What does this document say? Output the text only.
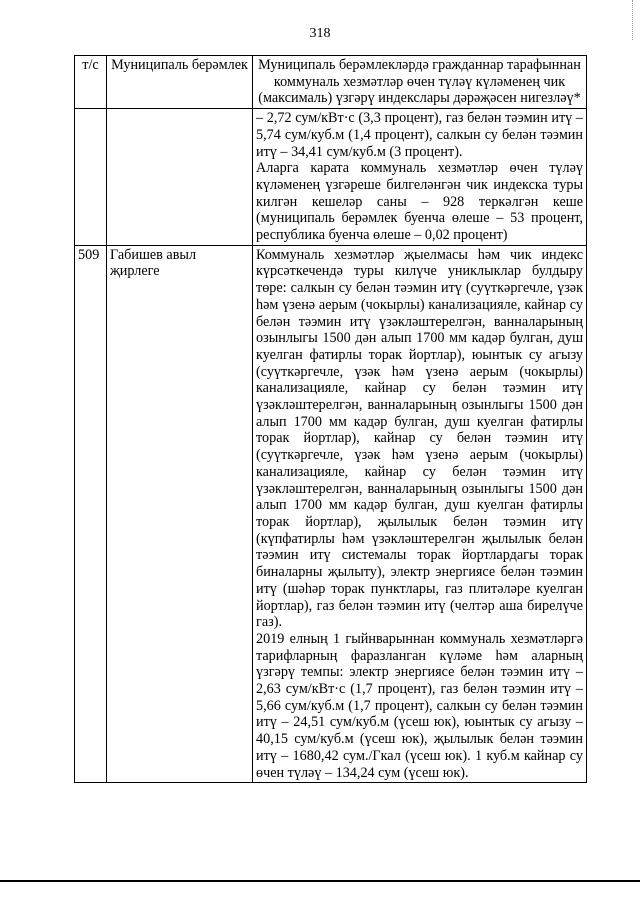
318
т/с	Муниципаль берәмлек	Муниципаль берәмлекләрдә гражданнар тарафыннан коммуналь хезмәтләр өчен түләү күләменең чик (максималь) үзгәрү индекслары дәрәҗәсен нигезләү*

		– 2,72 сум/кВт·с (3,3 процент), газ белән тәэмин итү – 5,74 сум/куб.м (1,4 процент), салкын су белән тәэмин итү – 34,41 сум/куб.м (3 процент).

Аларга карата коммуналь хезмәтләр өчен түләү күләменең үзгәреше билгеләнгән чик индекска туры килгән кешеләр саны – 928 теркәлгән кеше (муниципаль берәмлек буенча өлеше – 53 процент, республика буенча өлеше – 0,02 процент)

509	Габишев авыл җирлеге	Коммуналь хезмәтләр җыелмасы һәм чик индекс күрсәткечендә туры килүче униклыклар булдыру төре: салкын су белән тәэмин итү (суүткәргечле, үзәк һәм үзенә аерым (чокырлы) канализацияле, кайнар су белән тәэмин итү үзәкләштерелгән, ванналарының озынлыгы 1500 дән алып 1700 мм кадәр булган, душ куелган фатирлы торак йортлар), юынтык су агызу (суүткәргечле, үзәк һәм үзенә аерым (чокырлы) канализацияле, кайнар су белән тәэмин итү үзәкләштерелгән, ванналарының озынлыгы 1500 дән алып 1700 мм кадәр булган, душ куелган фатирлы торак йортлар), кайнар су белән тәэмин итү (суүткәргечле, үзәк һәм үзенә аерым (чокырлы) канализацияле, кайнар су белән тәэмин итү үзәкләштерелгән, ванналарының озынлыгы 1500 дән алып 1700 мм кадәр булган, душ куелган фатирлы торак йортлар), җылылык белән тәэмин итү (күпфатирлы һәм үзәкләштерелгән җылылык белән тәэмин итү системалы торак йортлардагы торак биналарны җылыту), электр энергиясе белән тәэмин итү (шәһәр торак пунктлары, газ плитәләре куелган йортлар), газ белән тәэмин итү (челтәр аша бирелүче газ).

2019 елның 1 гыйнварыннан коммуналь хезмәтләргә тарифларның фаразланган күләме һәм аларның үзгәрү темпы: электр энергиясе белән тәэмин итү – 2,63 сум/кВт·с (1,7 процент), газ белән тәэмин итү – 5,66 сум/куб.м (1,7 процент), салкын су белән тәэмин итү – 24,51 сум/куб.м (үсеш юк), юынтык су агызу – 40,15 сум/куб.м (үсеш юк), җылылык белән тәэмин итү – 1680,42 сум./Гкал (үсеш юк). 1 куб.м кайнар су өчен түләү – 134,24 сум (үсеш юк).
